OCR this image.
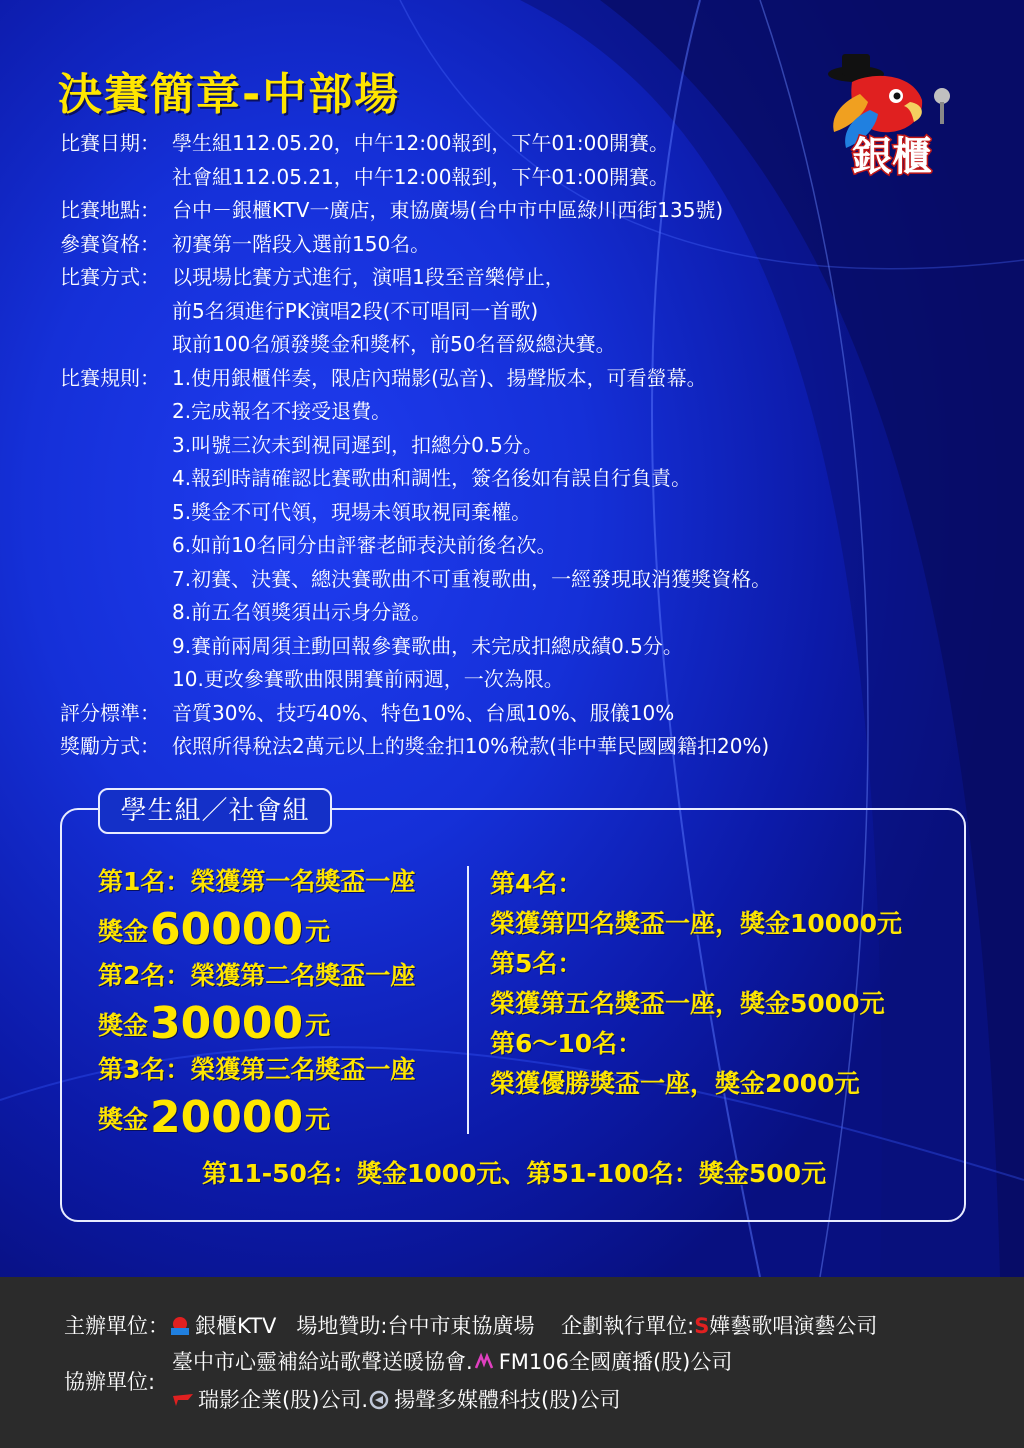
決賽簡章-中部場
銀櫃
比賽日期： 學生組112.05.20，中午12:00報到，下午01:00開賽。
社會組112.05.21，中午12:00報到，下午01:00開賽。
比賽地點： 台中－銀櫃KTV一廣店，東協廣場(台中市中區綠川西街135號)
參賽資格： 初賽第一階段入選前150名。
比賽方式： 以現場比賽方式進行，演唱1段至音樂停止，
前5名須進行PK演唱2段(不可唱同一首歌)
取前100名頒發獎金和獎杯，前50名晉級總決賽。
比賽規則： 1.使用銀櫃伴奏，限店內瑞影(弘音)、揚聲版本，可看螢幕。
2.完成報名不接受退費。
3.叫號三次未到視同遲到，扣總分0.5分。
4.報到時請確認比賽歌曲和調性，簽名後如有誤自行負責。
5.獎金不可代領，現場未領取視同棄權。
6.如前10名同分由評審老師表決前後名次。
7.初賽、決賽、總決賽歌曲不可重複歌曲，一經發現取消獲獎資格。
8.前五名領獎須出示身分證。
9.賽前兩周須主動回報參賽歌曲，未完成扣總成績0.5分。
10.更改參賽歌曲限開賽前兩週，一次為限。
評分標準： 音質30%、技巧40%、特色10%、台風10%、服儀10%
獎勵方式： 依照所得稅法2萬元以上的獎金扣10%稅款(非中華民國國籍扣20%)
學生組／社會組
第1名：榮獲第一名獎盃一座
獎金60000元
第2名：榮獲第二名獎盃一座
獎金30000元
第3名：榮獲第三名獎盃一座
獎金20000元
第4名：
榮獲第四名獎盃一座，獎金10000元
第5名：
榮獲第五名獎盃一座，獎金5000元
第6～10名：
榮獲優勝獎盃一座，獎金2000元
第11-50名：獎金1000元、第51-100名：獎金500元
主辦單位： 銀櫃KTV 場地贊助:台中市東協廣場 企劃執行單位:S嬅藝歌唱演藝公司
協辦單位:
臺中市心靈補給站歌聲送暖協會. FM106全國廣播(股)公司
瑞影企業(股)公司. 揚聲多媒體科技(股)公司
